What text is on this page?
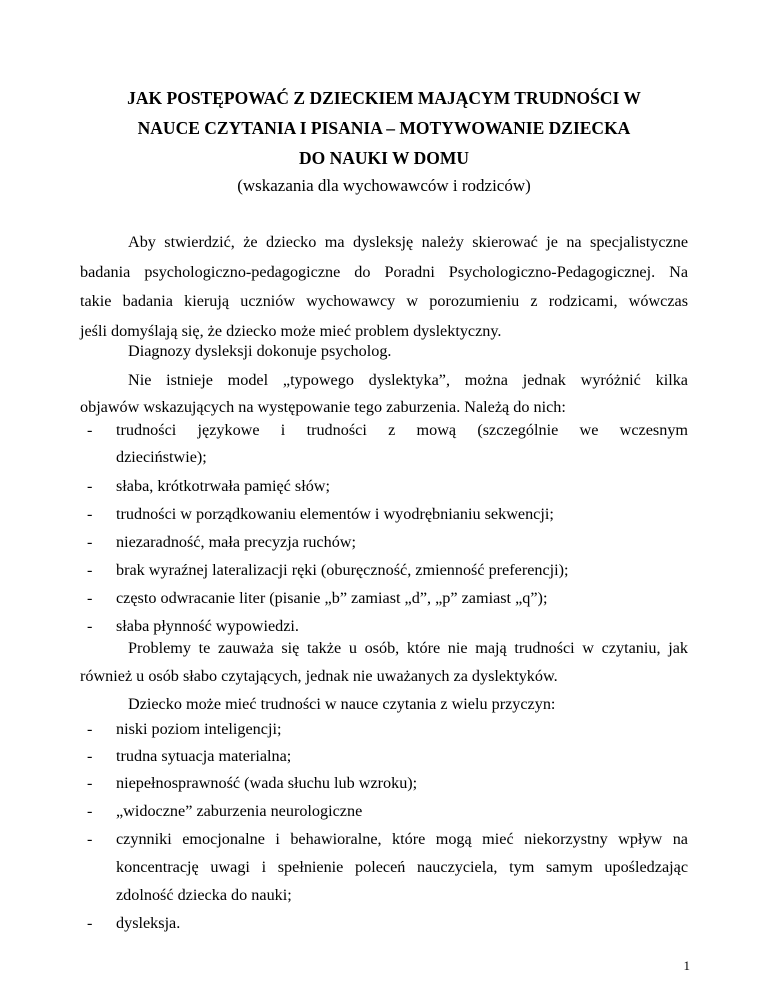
JAK POSTĘPOWAĆ Z DZIECKIEM MAJĄCYM TRUDNOŚCI W
NAUCE CZYTANIA I PISANIA – MOTYWOWANIE DZIECKA
DO NAUKI W DOMU
(wskazania dla wychowawców i rodziców)
Aby stwierdzić, że dziecko ma dysleksję należy skierować je na specjalistyczne
badania psychologiczno-pedagogiczne do Poradni Psychologiczno-Pedagogicznej. Na
takie badania kierują uczniów wychowawcy w porozumieniu z rodzicami, wówczas
jeśli domyślają się, że dziecko może mieć problem dyslektyczny.
Diagnozy dysleksji dokonuje psycholog.
Nie istnieje model „typowego dyslektyka”, można jednak wyróżnić kilka
objawów wskazujących na występowanie tego zaburzenia. Należą do nich:
- trudności językowe i trudności z mową (szczególnie we wczesnym
dzieciństwie);
- słaba, krótkotrwała pamięć słów;
- trudności w porządkowaniu elementów i wyodrębnianiu sekwencji;
- niezaradność, mała precyzja ruchów;
- brak wyraźnej lateralizacji ręki (oburęczność, zmienność preferencji);
- często odwracanie liter (pisanie „b” zamiast „d”, „p” zamiast „q”);
- słaba płynność wypowiedzi.
Problemy te zauważa się także u osób, które nie mają trudności w czytaniu, jak
również u osób słabo czytających, jednak nie uważanych za dyslektyków.
Dziecko może mieć trudności w nauce czytania z wielu przyczyn:
- niski poziom inteligencji;
- trudna sytuacja materialna;
- niepełnosprawność (wada słuchu lub wzroku);
- „widoczne” zaburzenia neurologiczne
- czynniki emocjonalne i behawioralne, które mogą mieć niekorzystny wpływ na
koncentrację uwagi i spełnienie poleceń nauczyciela, tym samym upośledzając
zdolność dziecka do nauki;
- dysleksja.
1
